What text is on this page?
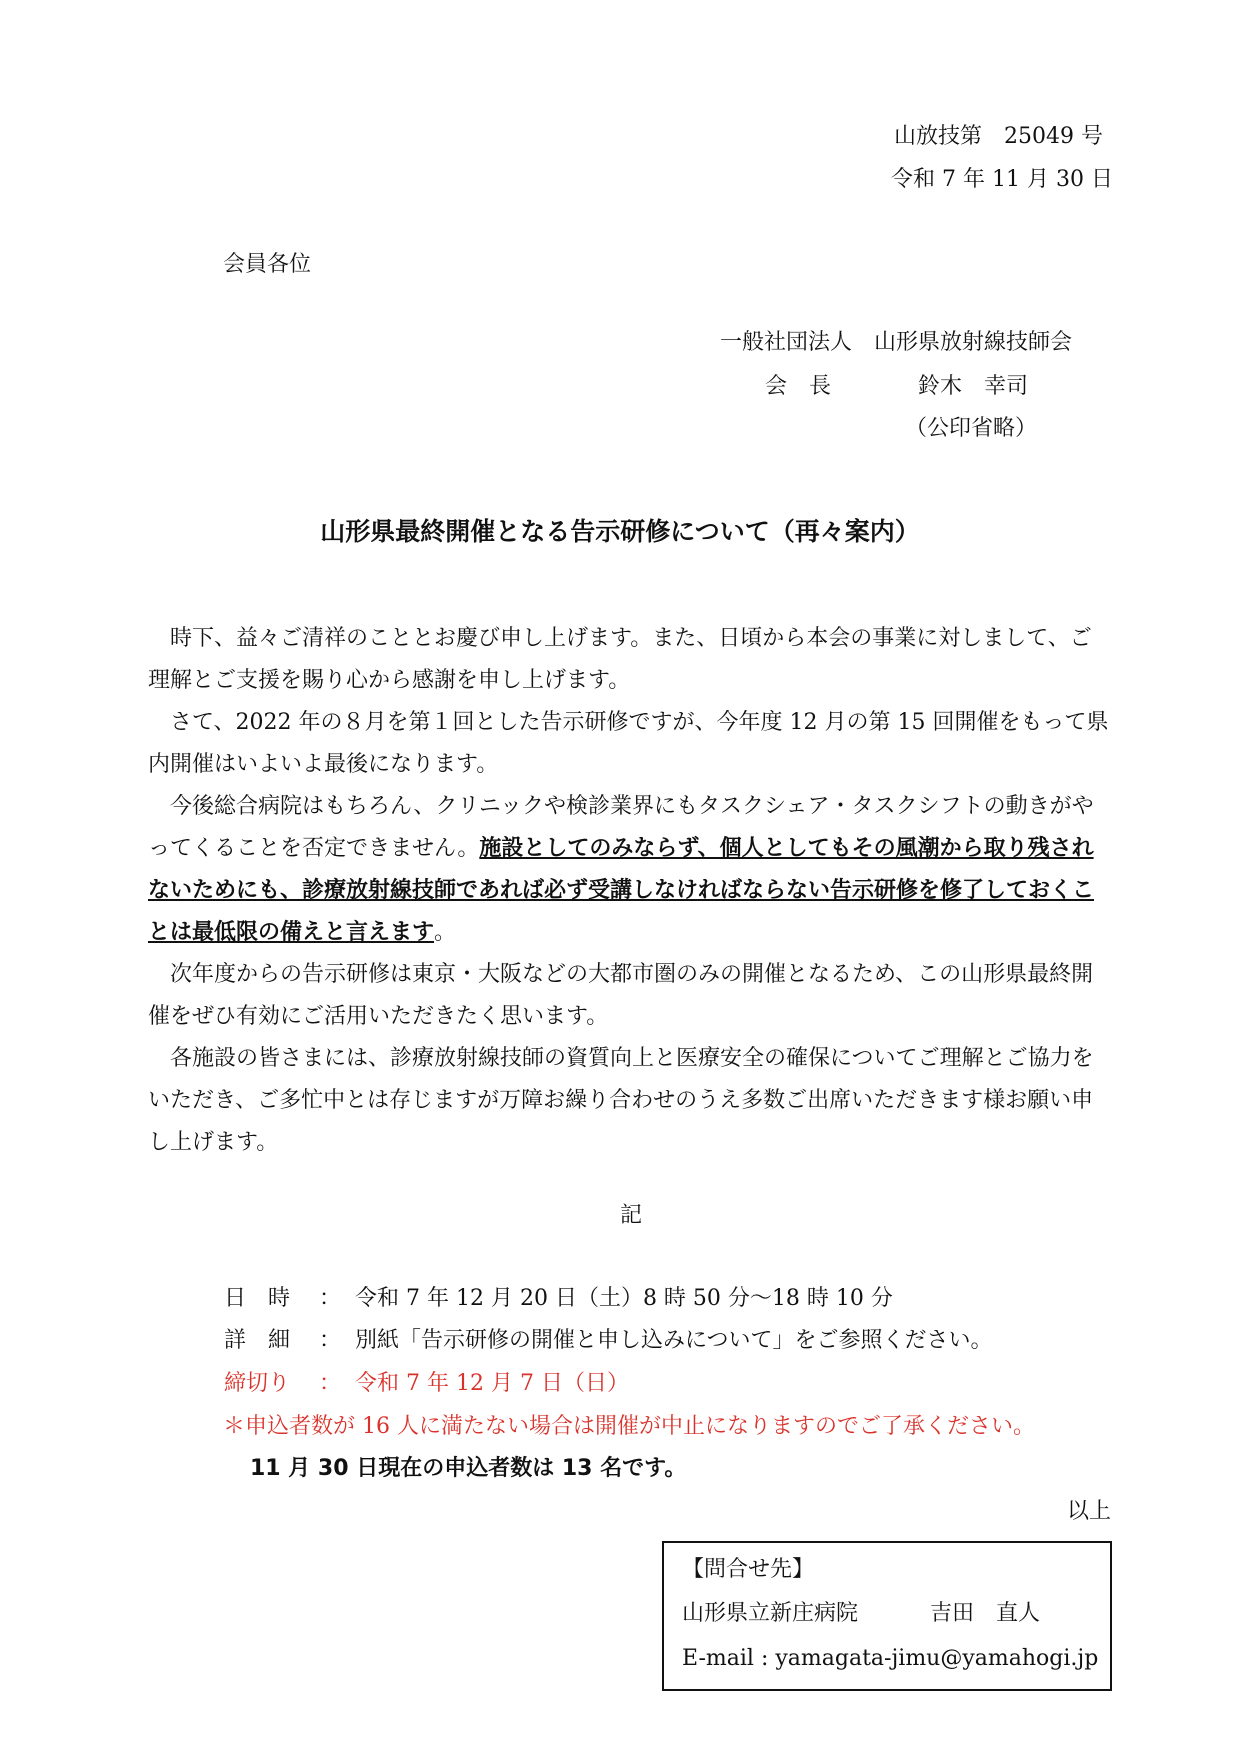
山放技第　25049 号
令和 7 年 11 月 30 日
会員各位
一般社団法人　山形県放射線技師会
会　長	鈴木　幸司
（公印省略）
山形県最終開催となる告示研修について（再々案内）

時下、益々ご清祥のこととお慶び申し上げます。また、日頃から本会の事業に対しまして、ご理解とご支援を賜り心から感謝を申し上げます。

さて、2022 年の８月を第１回とした告示研修ですが、今年度 12 月の第 15 回開催をもって県内開催はいよいよ最後になります。

今後総合病院はもちろん、クリニックや検診業界にもタスクシェア・タスクシフトの動きがやってくることを否定できません。施設としてのみならず、個人としてもその風潮から取り残されないためにも、診療放射線技師であれば必ず受講しなければならない告示研修を修了しておくことは最低限の備えと言えます。

次年度からの告示研修は東京・大阪などの大都市圏のみの開催となるため、この山形県最終開催をぜひ有効にご活用いただきたく思います。

各施設の皆さまには、診療放射線技師の資質向上と医療安全の確保についてご理解とご協力をいただき、ご多忙中とは存じますが万障お繰り合わせのうえ多数ご出席いただきます様お願い申し上げます。

記
日　時 ： 令和 7 年 12 月 20 日（土）8 時 50 分～18 時 10 分
詳　細 ： 別紙「告示研修の開催と申し込みについて」をご参照ください。
締切り ： 令和 7 年 12 月 7 日（日）
＊申込者数が 16 人に満たない場合は開催が中止になりますのでご了承ください。
11 月 30 日現在の申込者数は 13 名です。
以上
【問合せ先】
山形県立新庄病院	吉田　直人
E-mail : yamagata-jimu@yamahogi.jp
